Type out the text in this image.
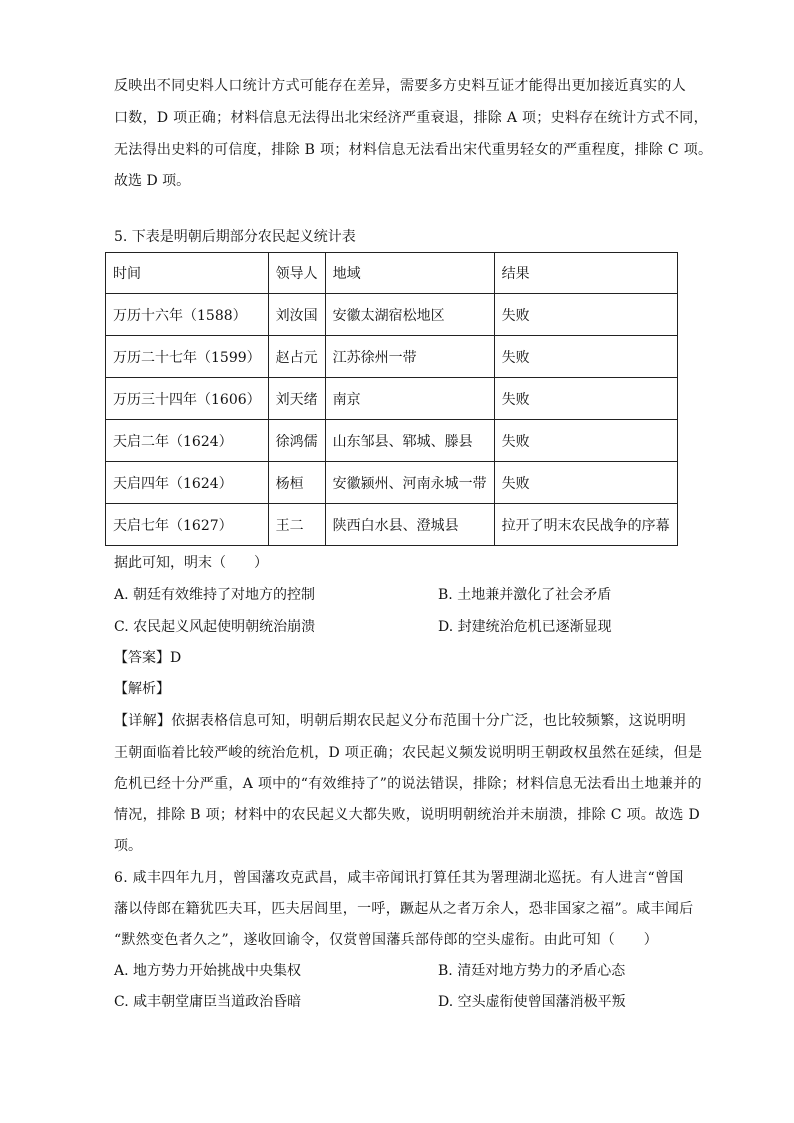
反映出不同史料人口统计方式可能存在差异，需要多方史料互证才能得出更加接近真实的人
口数，D 项正确；材料信息无法得出北宋经济严重衰退，排除 A 项；史料存在统计方式不同，
无法得出史料的可信度，排除 B 项；材料信息无法看出宋代重男轻女的严重程度，排除 C 项。
故选 D 项。
5. 下表是明朝后期部分农民起义统计表
时间	领导人	地域	结果
万历十六年（1588）	刘汝国	安徽太湖宿松地区	失败
万历二十七年（1599）	赵占元	江苏徐州一带	失败
万历三十四年（1606）	刘天绪	南京	失败
天启二年（1624）	徐鸿儒	山东邹县、郓城、滕县	失败
天启四年（1624）	杨桓	安徽颍州、河南永城一带	失败
天启七年（1627）	王二	陕西白水县、澄城县	拉开了明末农民战争的序幕
据此可知，明末（　　）
A. 朝廷有效维持了对地方的控制	B. 土地兼并激化了社会矛盾
C. 农民起义风起使明朝统治崩溃	D. 封建统治危机已逐渐显现
【答案】D
【解析】
【详解】依据表格信息可知，明朝后期农民起义分布范围十分广泛，也比较频繁，这说明明
王朝面临着比较严峻的统治危机，D 项正确；农民起义频发说明明王朝政权虽然在延续，但是
危机已经十分严重，A 项中的“有效维持了”的说法错误，排除；材料信息无法看出土地兼并的
情况，排除 B 项；材料中的农民起义大都失败，说明明朝统治并未崩溃，排除 C 项。故选 D
项。
6. 咸丰四年九月，曾国藩攻克武昌，咸丰帝闻讯打算任其为署理湖北巡抚。有人进言“曾国
藩以侍郎在籍犹匹夫耳，匹夫居闾里，一呼，蹶起从之者万余人，恐非国家之福”。咸丰闻后
“默然变色者久之”，遂收回谕令，仅赏曾国藩兵部侍郎的空头虚衔。由此可知（　　）
A. 地方势力开始挑战中央集权	B. 清廷对地方势力的矛盾心态
C. 咸丰朝堂庸臣当道政治昏暗	D. 空头虚衔使曾国藩消极平叛
